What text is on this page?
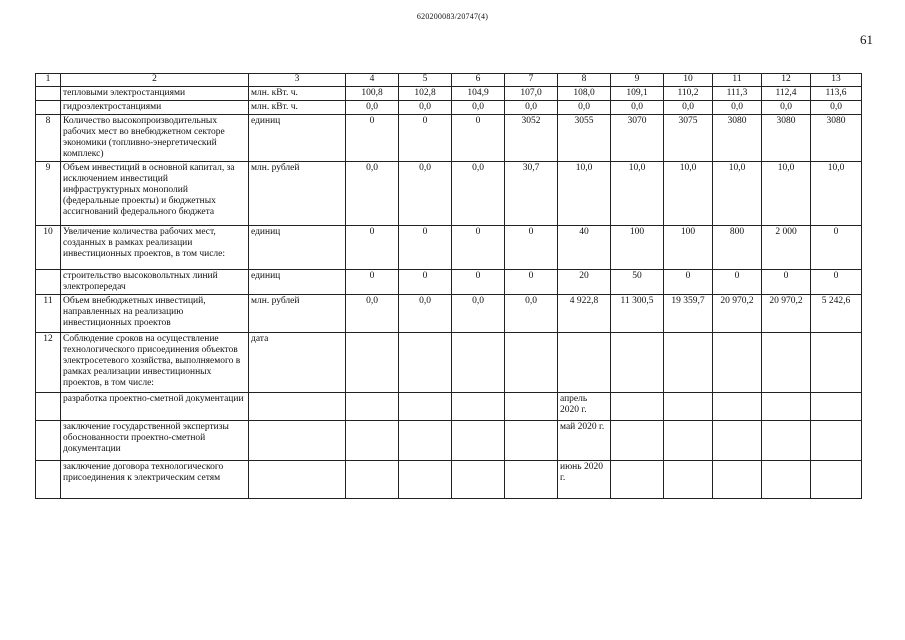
620200083/20747(4)
61
1	2	3	4	5	6	7	8	9	10	11	12	13
	тепловыми электростанциями	млн. кВт. ч.	100,8	102,8	104,9	107,0	108,0	109,1	110,2	111,3	112,4	113,6
	гидроэлектростанциями	млн. кВт. ч.	0,0	0,0	0,0	0,0	0,0	0,0	0,0	0,0	0,0	0,0
8	Количество высокопроизводительных рабочих мест во внебюджетном секторе экономики (топливно-энергетический комплекс)	единиц	0	0	0	3052	3055	3070	3075	3080	3080	3080
9	Объем инвестиций в основной капитал, за исключением инвестиций инфраструктурных монополий (федеральные проекты) и бюджетных ассигнований федерального бюджета	млн. рублей	0,0	0,0	0,0	30,7	10,0	10,0	10,0	10,0	10,0	10,0
10	Увеличение количества рабочих мест, созданных в рамках реализации инвестиционных проектов, в том числе:	единиц	0	0	0	0	40	100	100	800	2 000	0
	строительство высоковольтных линий электропередач	единиц	0	0	0	0	20	50	0	0	0	0
11	Объем внебюджетных инвестиций, направленных на реализацию инвестиционных проектов	млн. рублей	0,0	0,0	0,0	0,0	4 922,8	11 300,5	19 359,7	20 970,2	20 970,2	5 242,6
12	Соблюдение сроков на осуществление технологического присоединения объектов электросетевого хозяйства, выполняемого в рамках реализации инвестиционных проектов, в том числе:	дата										
	разработка проектно-сметной документации						апрель 2020 г.					
	заключение государственной экспертизы обоснованности проектно-сметной документации						май 2020 г.					
	заключение договора технологического присоединения к электрическим сетям						июнь 2020 г.					
